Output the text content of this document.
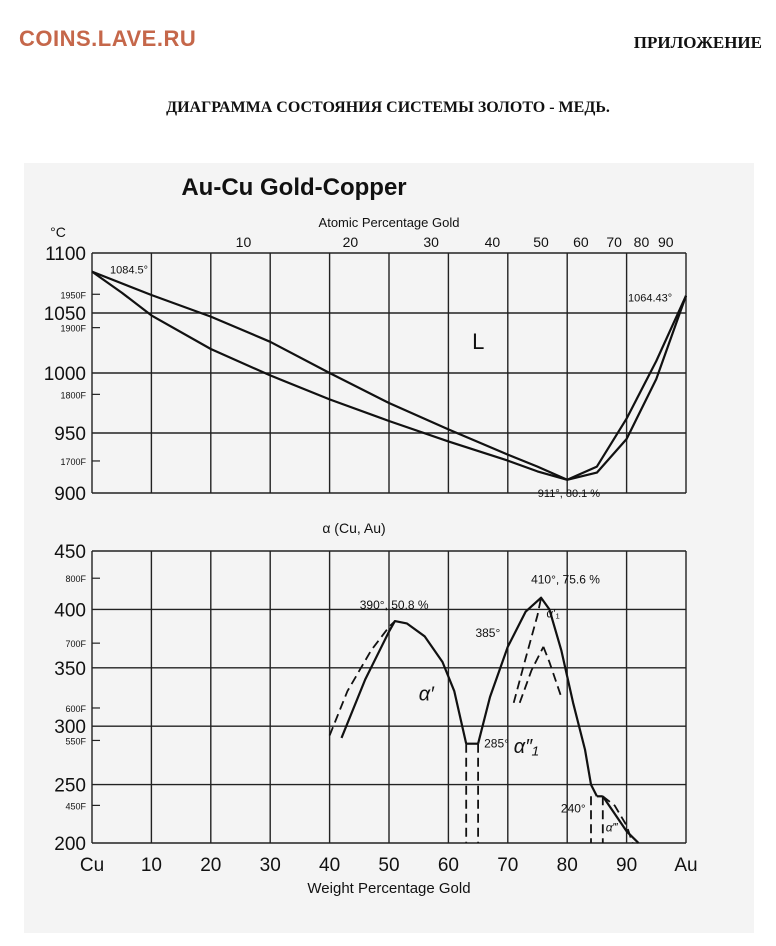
COINS.LAVE.RU	ПРИЛОЖЕНИЕ
ДИАГРАММА СОСТОЯНИЯ СИСТЕМЫ ЗОЛОТО - МЕДЬ.
Au-Cu Gold-Copper
Atomic Percentage Gold
10	20	30	40 50 60 70 80 90
1100
1050
1000
950
900
1950F
1900F
1800F
1700F
450
400
350
300
250
200
800F
700F
600F
550F
450F
°C
L
1084.5°
1064.43°
911°, 80.1 %
α (Cu, Au)
390°, 50.8 %
410°, 75.6 %
385°
285°
240°
α′₁
α′
α″₁
α‴
Cu 10 20 30 40 50 60 70 80 90 Au
Weight Percentage Gold
